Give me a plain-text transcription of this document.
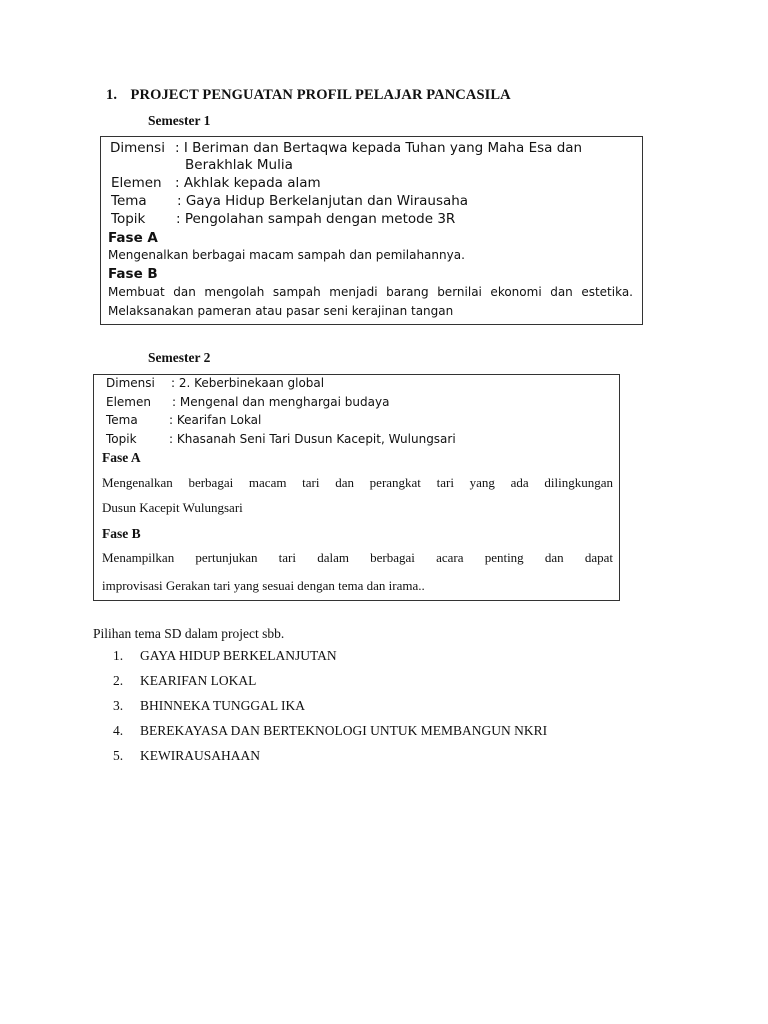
1. PROJECT PENGUATAN PROFIL PELAJAR PANCASILA
Semester 1
Dimensi : I Beriman dan Bertaqwa kepada Tuhan yang Maha Esa dan
Berakhlak Mulia
Elemen : Akhlak kepada alam
Tema : Gaya Hidup Berkelanjutan dan Wirausaha
Topik : Pengolahan sampah dengan metode 3R
Fase A
Mengenalkan berbagai macam sampah dan pemilahannya.
Fase B
Membuat dan mengolah sampah menjadi barang bernilai ekonomi dan estetika.
Melaksanakan pameran atau pasar seni kerajinan tangan
Semester 2
Dimensi : 2. Keberbinekaan global
Elemen : Mengenal dan menghargai budaya
Tema	: Kearifan Lokal
Topik	: Khasanah Seni Tari Dusun Kacepit, Wulungsari
Fase A
Mengenalkan berbagai macam tari dan perangkat tari yang ada dilingkungan
Dusun Kacepit Wulungsari
Fase B
Menampilkan pertunjukan tari dalam berbagai acara penting dan dapat
improvisasi Gerakan tari yang sesuai dengan tema dan irama..
Pilihan tema SD dalam project sbb.
1. GAYA HIDUP BERKELANJUTAN
2. KEARIFAN LOKAL
3. BHINNEKA TUNGGAL IKA
4. BEREKAYASA DAN BERTEKNOLOGI UNTUK MEMBANGUN NKRI
5. KEWIRAUSAHAAN
